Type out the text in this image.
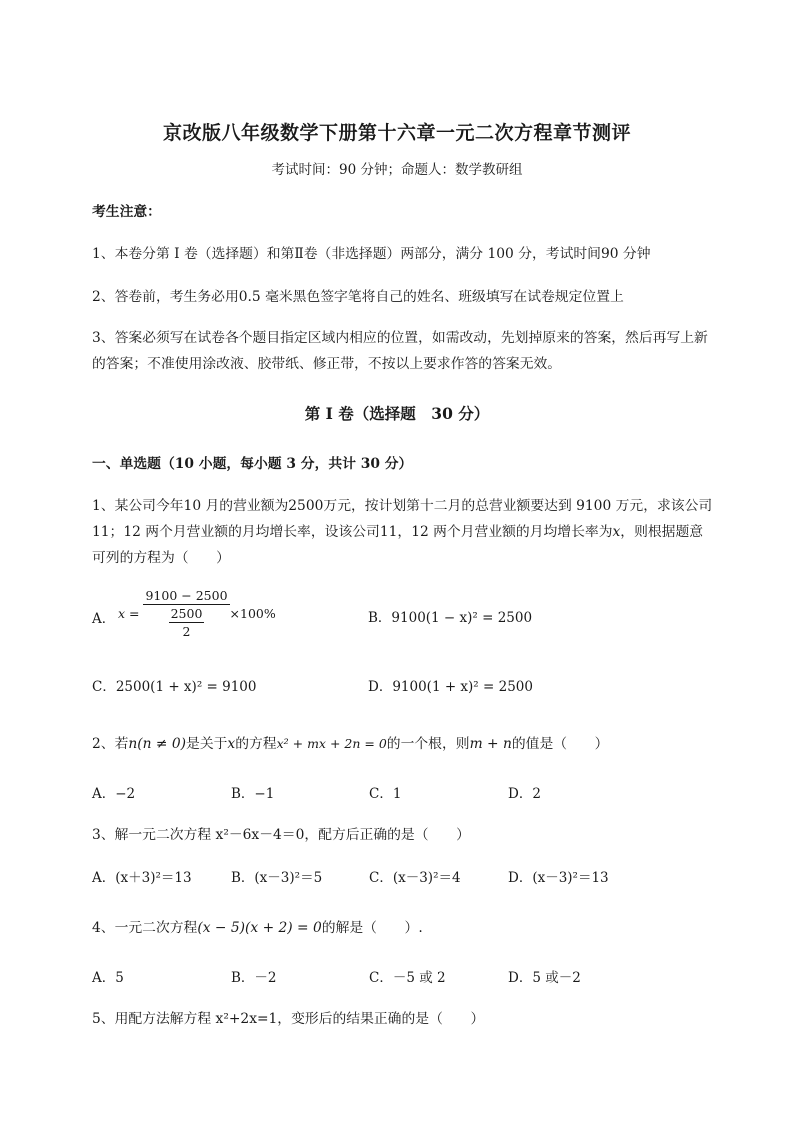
京改版八年级数学下册第十六章一元二次方程章节测评
考试时间：90 分钟；命题人：数学教研组
考生注意：
1、本卷分第 I 卷（选择题）和第Ⅱ卷（非选择题）两部分，满分 100 分，考试时间90 分钟
2、答卷前，考生务必用0.5 毫米黑色签字笔将自己的姓名、班级填写在试卷规定位置上
3、答案必须写在试卷各个题目指定区域内相应的位置，如需改动，先划掉原来的答案，然后再写上新
的答案；不准使用涂改液、胶带纸、修正带，不按以上要求作答的答案无效。
第 I 卷（选择题　30 分）
一、单选题（10 小题，每小题 3 分，共计 30 分）
1、某公司今年10 月的营业额为2500万元，按计划第十二月的总营业额要达到 9100 万元，求该公司
11；12 两个月营业额的月均增长率，设该公司11，12 两个月营业额的月均增长率为x，则根据题意
可列的方程为（　　）
A． $x = \frac{9100 - 2500}{\frac{2500}{2}} \times 100\%$	B．9100(1 − x)² = 2500
C．2500(1 + x)² = 9100	D．9100(1 + x)² = 2500
2、若n(n ≠ 0)是关于x的方程x² + mx + 2n = 0的一个根，则m + n的值是（　　）
A．−2	B．−1	C．1	D．2
3、解一元二次方程 x²－6x－4＝0，配方后正确的是（　　）
A．(x＋3)²＝13	B．(x－3)²＝5	C．(x－3)²＝4	D．(x－3)²＝13
4、一元二次方程(x − 5)(x + 2) = 0的解是（　　）.
A．5	B．－2	C．－5 或 2	D．5 或－2
5、用配方法解方程 x²+2x=1，变形后的结果正确的是（　　）
